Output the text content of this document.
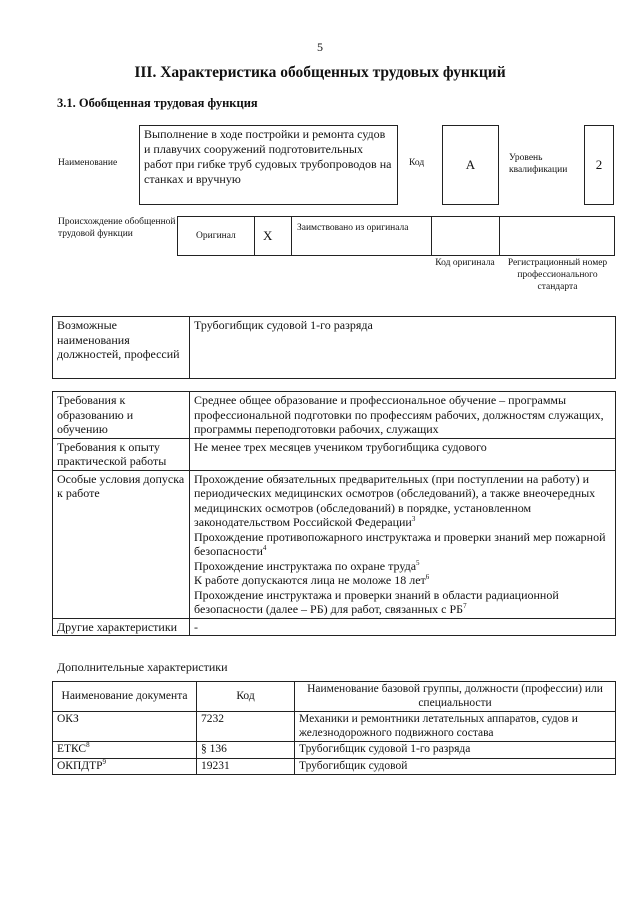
5
III. Характеристика обобщенных трудовых функций
3.1. Обобщенная трудовая функция
Наименование
Выполнение в ходе постройки и ремонта судов и плавучих сооружений подготовительных работ при гибке труб судовых трубопроводов на станках и вручную
Код	A	Уровень квалификации	2
Происхождение обобщенной трудовой функции	Оригинал X	Заимствовано из оригинала
Код оригинала	Регистрационный номер профессионального стандарта
Возможные наименования должностей, профессий	Трубогибщик судовой 1-го разряда
Требования к образованию и обучению	Среднее общее образование и профессиональное обучение – программы профессиональной подготовки по профессиям рабочих, должностям служащих, программы переподготовки рабочих, служащих
Требования к опыту практической работы	Не менее трех месяцев учеником трубогибщика судового
Особые условия допуска к работе	Прохождение обязательных предварительных (при поступлении на работу) и периодических медицинских осмотров (обследований), а также внеочередных медицинских осмотров (обследований) в порядке, установленном законодательством Российской Федерации$^3$
Прохождение противопожарного инструктажа и проверки знаний мер пожарной безопасности$^4$
Прохождение инструктажа по охране труда$^5$
К работе допускаются лица не моложе 18 лет$^6$
Прохождение инструктажа и проверки знаний в области радиационной безопасности (далее – РБ) для работ, связанных с $РБ^7$

Другие характеристики	-
Дополнительные характеристики
Наименование документа	Код	Наименование базовой группы, должности (профессии) или специальности
ОКЗ	7232	Механики и ремонтники летательных аппаратов, судов и железнодорожного подвижного состава
ЕТКС$^8$	§ 136	Трубогибщик судовой 1-го разряда
ОКПДТР$^9$	19231	Трубогибщик судовой
